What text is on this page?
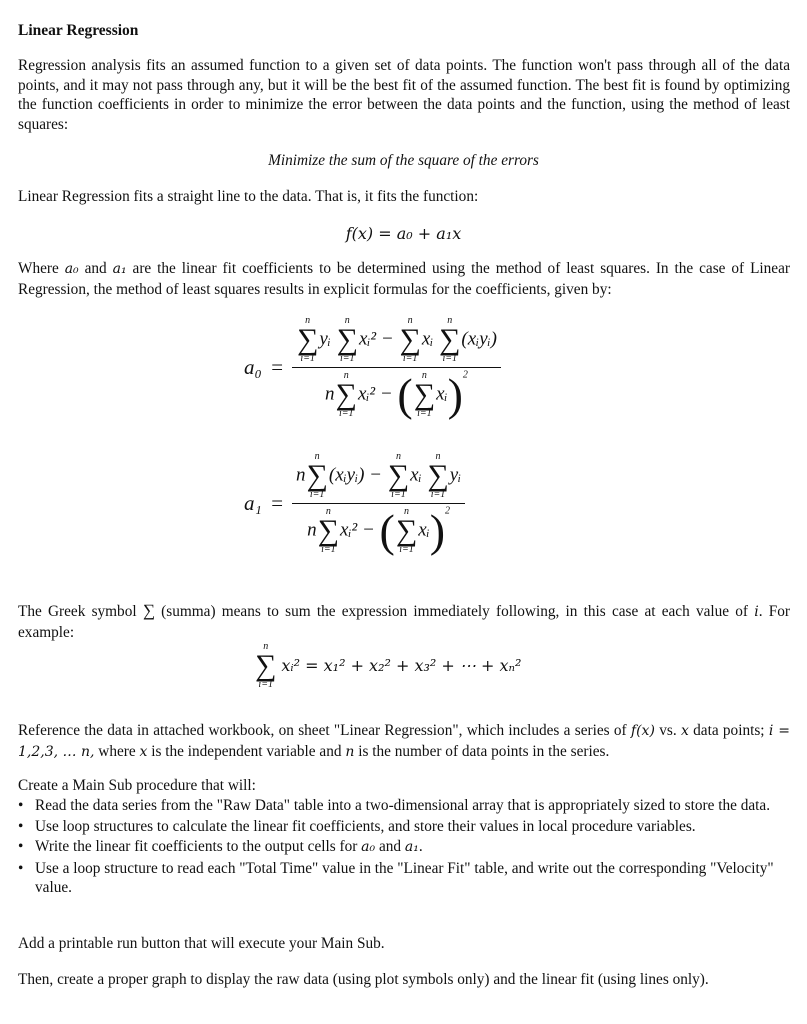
Linear Regression

Regression analysis fits an assumed function to a given set of data points. The function won't pass through all of the data points, and it may not pass through any, but it will be the best fit of the assumed function. The best fit is found by optimizing the function coefficients in order to minimize the error between the data points and the function, using the method of least squares:

Minimize the sum of the square of the errors

Linear Regression fits a straight line to the data. That is, it fits the function:

f(x) = a₀ + a₁x

Where a₀ and a₁ are the linear fit coefficients to be determined using the method of least squares. In the case of Linear Regression, the method of least squares results in explicit formulas for the coefficients, given by:

a₀ = n
∑
i=1
yᵢ
n
∑
i=1
xᵢ² −
n
∑
i=1
xᵢ
n
∑
i=1
(xᵢyᵢ)
n
n
∑
i=1
xᵢ² − ( n
∑
i=1
xᵢ)$^2$
a₁ = n
n
∑
i=1
(xᵢyᵢ) −
n
∑
i=1
xᵢ
n
∑
i=1
yᵢ
n
n
∑
i=1
xᵢ² − ( n
∑
i=1
xᵢ)$^2$

The Greek symbol ∑ (summa) means to sum the expression immediately following, in this case at each value of i. For example:

n
∑
i=1
xᵢ² = x₁² + x₂² + x₃² + ⋯ + xₙ²

Reference the data in attached workbook, on sheet "Linear Regression", which includes a series of f(x) vs. x data points; i = 1,2,3, … n, where x is the independent variable and n is the number of data points in the series.

Create a Main Sub procedure that will:

• Read the data series from the "Raw Data" table into a two-dimensional array that is appropriately sized to store the data.
• Use loop structures to calculate the linear fit coefficients, and store their values in local procedure variables.
• Write the linear fit coefficients to the output cells for a₀ and a₁.
• Use a loop structure to read each "Total Time" value in the "Linear Fit" table, and write out the corresponding "Velocity" value.

Add a printable run button that will execute your Main Sub.

Then, create a proper graph to display the raw data (using plot symbols only) and the linear fit (using lines only).
